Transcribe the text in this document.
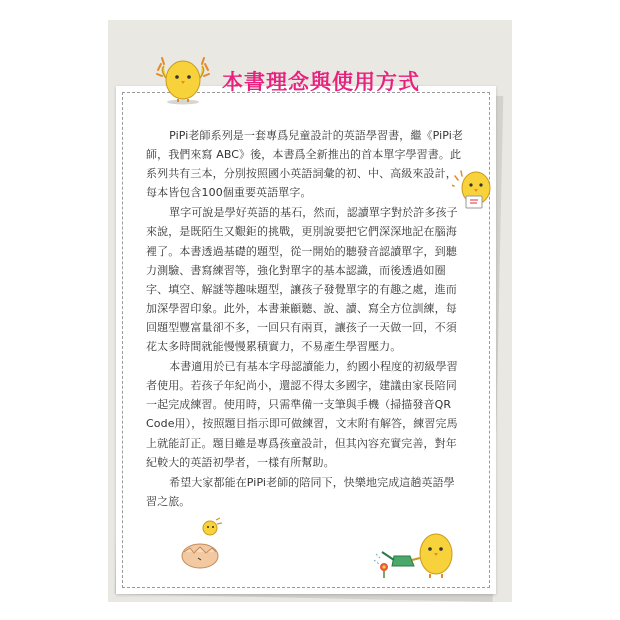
本書理念與使用方式

PiPi老師系列是一套專爲兒童設計的英語學習書，繼《PiPi老師，我們來寫 ABC》後，本書爲全新推出的首本單字學習書。此系列共有三本，分別按照國小英語詞彙的初、中、高級來設計，每本皆包含100個重要英語單字。

單字可說是學好英語的基石，然而，認讀單字對於許多孩子來說，是既陌生又艱鉅的挑戰，更別說要把它們深深地記在腦海裡了。本書透過基礎的題型，從一開始的聽發音認讀單字，到聽力測驗、書寫練習等，強化對單字的基本認識，而後透過如圈字、填空、解謎等趣味題型，讓孩子發覺單字的有趣之處，進而加深學習印象。此外，本書兼顧聽、說、讀、寫全方位訓練，每回題型豐富量卻不多，一回只有兩頁，讓孩子一天做一回，不須花太多時間就能慢慢累積實力，不易產生學習壓力。

本書適用於已有基本字母認讀能力，約國小程度的初級學習者使用。若孩子年紀尚小，還認不得太多國字，建議由家長陪同一起完成練習。使用時，只需準備一支筆與手機（掃描發音QR Code用），按照題目指示即可做練習，文末附有解答，練習完馬上就能訂正。題目雖是專爲孩童設計，但其內容充實完善，對年紀較大的英語初學者，一樣有所幫助。

希望大家都能在PiPi老師的陪同下，快樂地完成這趟英語學習之旅。
